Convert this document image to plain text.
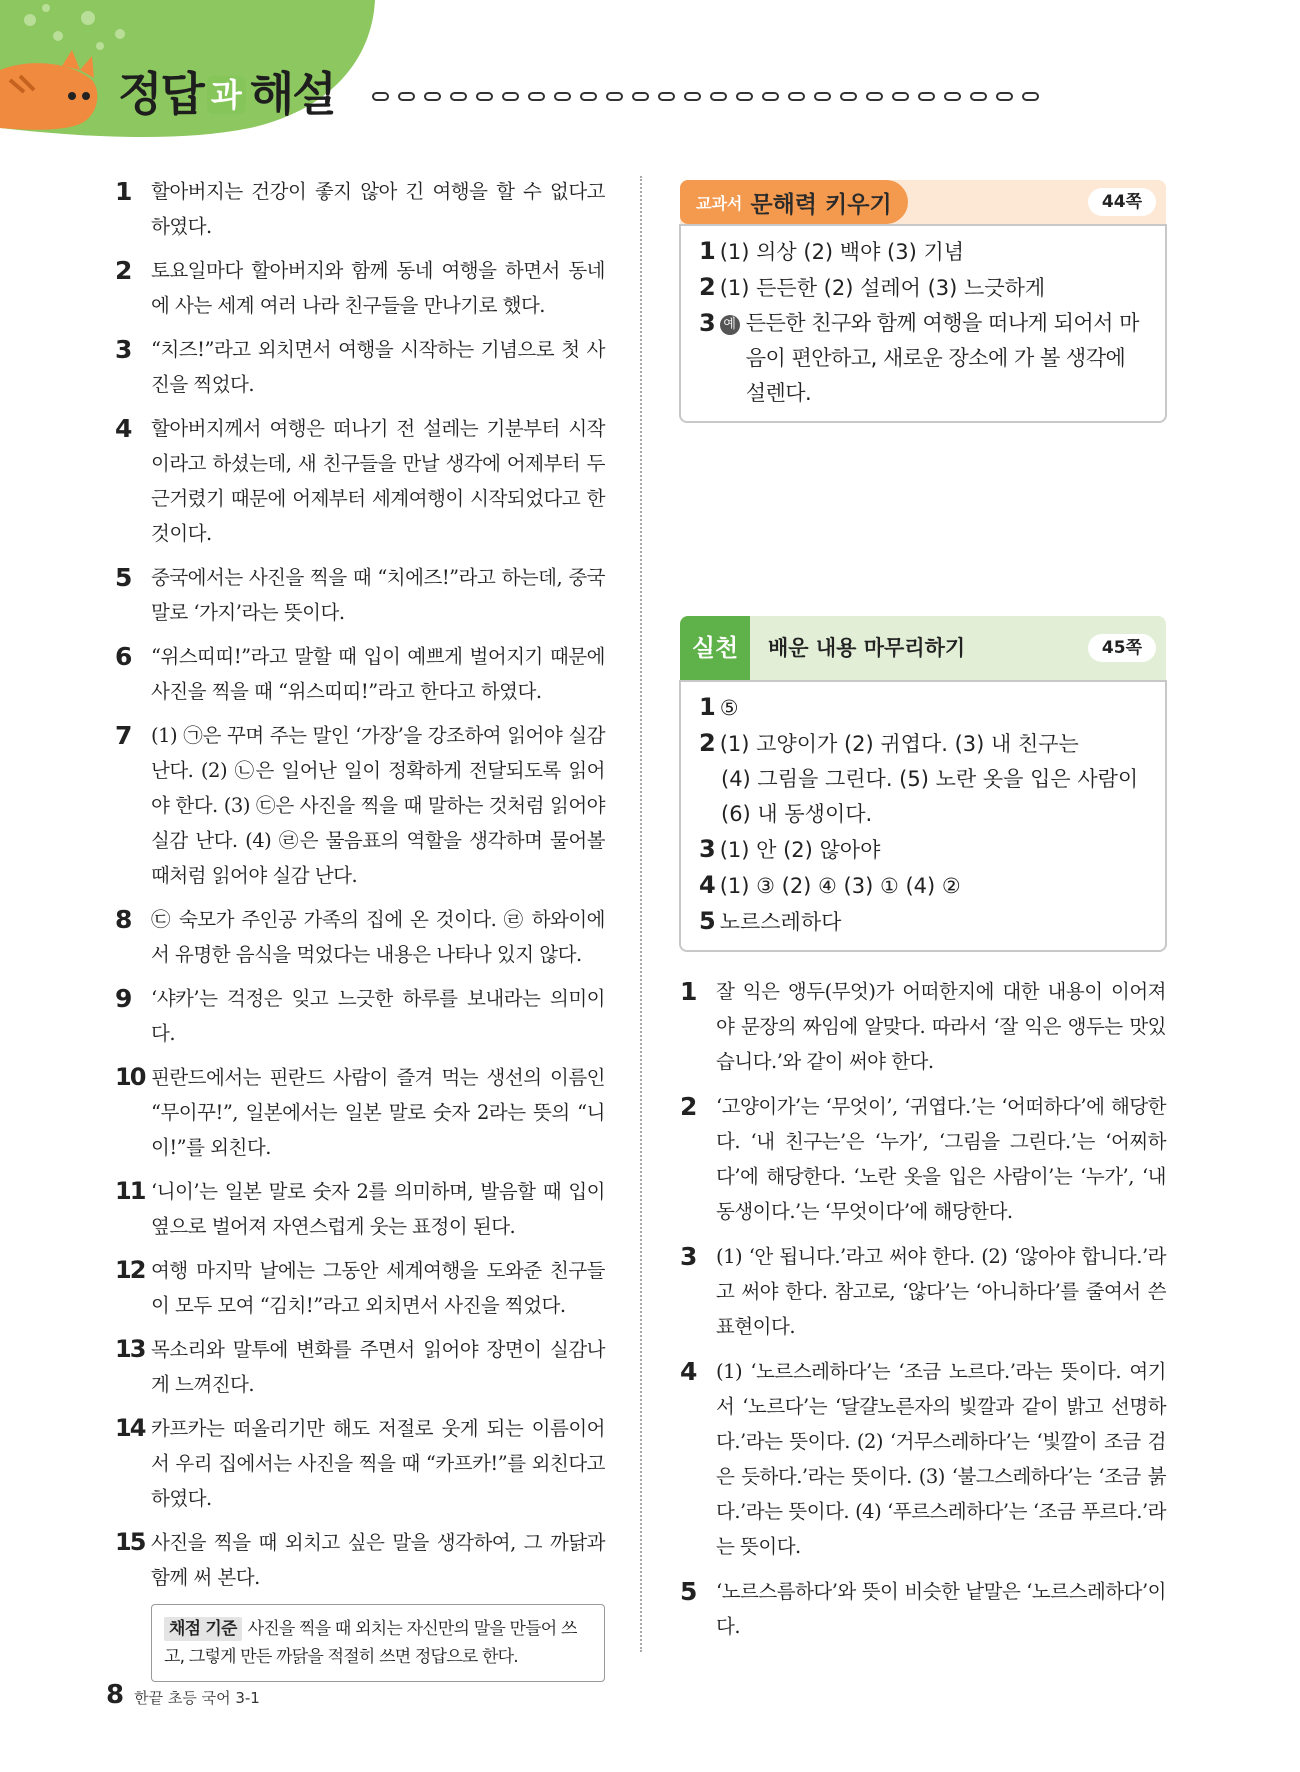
정답 과 해설
1 할아버지는 건강이 좋지 않아 긴 여행을 할 수 없다고 하였다.
2 토요일마다 할아버지와 함께 동네 여행을 하면서 동네에 사는 세계 여러 나라 친구들을 만나기로 했다.
3 “치즈!”라고 외치면서 여행을 시작하는 기념으로 첫 사진을 찍었다.
4 할아버지께서 여행은 떠나기 전 설레는 기분부터 시작이라고 하셨는데, 새 친구들을 만날 생각에 어제부터 두근거렸기 때문에 어제부터 세계여행이 시작되었다고 한 것이다.
5 중국에서는 사진을 찍을 때 “치에즈!”라고 하는데, 중국 말로 ‘가지’라는 뜻이다.
6 “위스띠띠!”라고 말할 때 입이 예쁘게 벌어지기 때문에 사진을 찍을 때 “위스띠띠!”라고 한다고 하였다.
7 (1) ㉠은 꾸며 주는 말인 ‘가장’을 강조하여 읽어야 실감 난다. (2) ㉡은 일어난 일이 정확하게 전달되도록 읽어야 한다. (3) ㉢은 사진을 찍을 때 말하는 것처럼 읽어야 실감 난다. (4) ㉣은 물음표의 역할을 생각하며 물어볼 때처럼 읽어야 실감 난다.
8 ㉢ 숙모가 주인공 가족의 집에 온 것이다. ㉣ 하와이에서 유명한 음식을 먹었다는 내용은 나타나 있지 않다.
9 ‘샤카’는 걱정은 잊고 느긋한 하루를 보내라는 의미이다.
10 핀란드에서는 핀란드 사람이 즐겨 먹는 생선의 이름인 “무이꾸!”, 일본에서는 일본 말로 숫자 2라는 뜻의 “니이!”를 외친다.
11 ‘니이’는 일본 말로 숫자 2를 의미하며, 발음할 때 입이 옆으로 벌어져 자연스럽게 웃는 표정이 된다.
12 여행 마지막 날에는 그동안 세계여행을 도와준 친구들이 모두 모여 “김치!”라고 외치면서 사진을 찍었다.
13 목소리와 말투에 변화를 주면서 읽어야 장면이 실감나게 느껴진다.
14 카프카는 떠올리기만 해도 저절로 웃게 되는 이름이어서 우리 집에서는 사진을 찍을 때 “카프카!”를 외친다고 하였다.
15 사진을 찍을 때 외치고 싶은 말을 생각하여, 그 까닭과 함께 써 본다.
채점 기준 사진을 찍을 때 외치는 자신만의 말을 만들어 쓰고, 그렇게 만든 까닭을 적절히 쓰면 정답으로 한다.
교과서 문해력 키우기	44쪽
1 (1) 의상 (2) 백야 (3) 기념
2 (1) 든든한 (2) 설레어 (3) 느긋하게
3 예 든든한 친구와 함께 여행을 떠나게 되어서 마음이 편안하고, 새로운 장소에 가 볼 생각에 설렌다.
실천	배운 내용 마무리하기	45쪽
1 ⑤
2 (1) 고양이가 (2) 귀엽다. (3) 내 친구는
(4) 그림을 그린다. (5) 노란 옷을 입은 사람이
(6) 내 동생이다.
3 (1) 안 (2) 않아야
4 (1) ③ (2) ④ (3) ① (4) ②
5 노르스레하다
1 잘 익은 앵두(무엇)가 어떠한지에 대한 내용이 이어져야 문장의 짜임에 알맞다. 따라서 ‘잘 익은 앵두는 맛있습니다.’와 같이 써야 한다.
2 ‘고양이가’는 ‘무엇이’, ‘귀엽다.’는 ‘어떠하다’에 해당한다. ‘내 친구는’은 ‘누가’, ‘그림을 그린다.’는 ‘어찌하다’에 해당한다. ‘노란 옷을 입은 사람이’는 ‘누가’, ‘내 동생이다.’는 ‘무엇이다’에 해당한다.
3 (1) ‘안 됩니다.’라고 써야 한다. (2) ‘않아야 합니다.’라고 써야 한다. 참고로, ‘않다’는 ‘아니하다’를 줄여서 쓴 표현이다.
4 (1) ‘노르스레하다’는 ‘조금 노르다.’라는 뜻이다. 여기서 ‘노르다’는 ‘달걀노른자의 빛깔과 같이 밝고 선명하다.’라는 뜻이다. (2) ‘거무스레하다’는 ‘빛깔이 조금 검은 듯하다.’라는 뜻이다. (3) ‘불그스레하다’는 ‘조금 붉다.’라는 뜻이다. (4) ‘푸르스레하다’는 ‘조금 푸르다.’라는 뜻이다.
5 ‘노르스름하다’와 뜻이 비슷한 낱말은 ‘노르스레하다’이다.
8 한끝 초등 국어 3-1
